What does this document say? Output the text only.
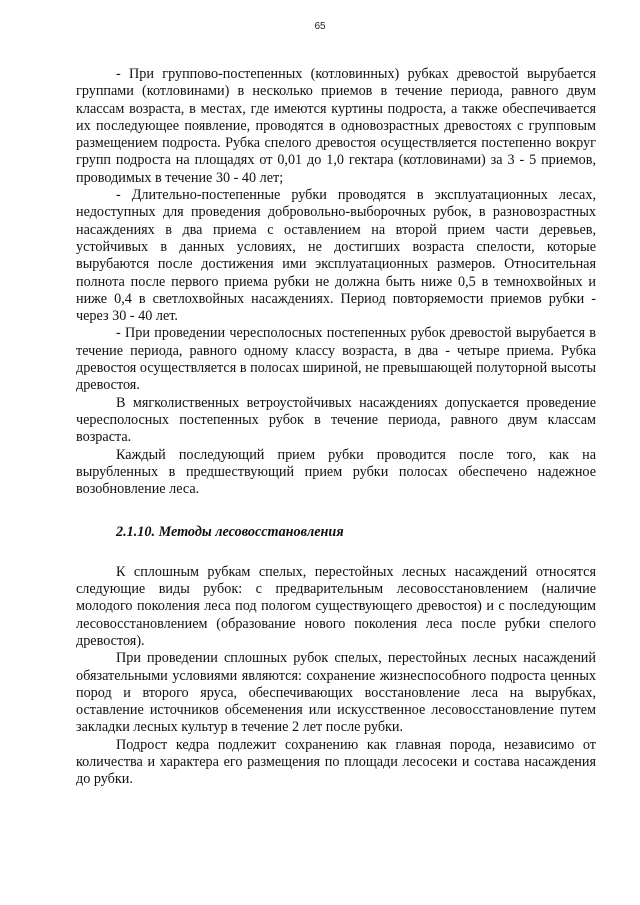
65

- При группово-постепенных (котловинных) рубках древостой вырубается группами (котловинами) в несколько приемов в течение периода, равного двум классам возраста, в местах, где имеются куртины подроста, а также обеспечивается их последующее появление, проводятся в одновозрастных древостоях с групповым размещением подроста. Рубка спелого древостоя осуществляется постепенно вокруг групп подроста на площадях от 0,01 до 1,0 гектара (котловинами) за 3 - 5 приемов, проводимых в течение 30 - 40 лет;

- Длительно-постепенные рубки проводятся в эксплуатационных лесах, недоступных для проведения добровольно-выборочных рубок, в разновозрастных насаждениях в два приема с оставлением на второй прием части деревьев, устойчивых в данных условиях, не достигших возраста спелости, которые вырубаются после достижения ими эксплуатационных размеров. Относительная полнота после первого приема рубки не должна быть ниже 0,5 в темнохвойных и ниже 0,4 в светлохвойных насаждениях. Период повторяемости приемов рубки - через 30 - 40 лет.

- При проведении чересполосных постепенных рубок древостой вырубается в течение периода, равного одному классу возраста, в два - четыре приема. Рубка древостоя осуществляется в полосах шириной, не превышающей полуторной высоты древостоя.

В мягколиственных ветроустойчивых насаждениях допускается проведение чересполосных постепенных рубок в течение периода, равного двум классам возраста.

Каждый последующий прием рубки проводится после того, как на вырубленных в предшествующий прием рубки полосах обеспечено надежное возобновление леса.

2.1.10. Методы лесовосстановления

К сплошным рубкам спелых, перестойных лесных насаждений относятся следующие виды рубок: с предварительным лесовосстановлением (наличие молодого поколения леса под пологом существующего древостоя) и с последующим лесовосстановлением (образование нового поколения леса после рубки спелого древостоя).

При проведении сплошных рубок спелых, перестойных лесных насаждений обязательными условиями являются: сохранение жизнеспособного подроста ценных пород и второго яруса, обеспечивающих восстановление леса на вырубках, оставление источников обсеменения или искусственное лесовосстановление путем закладки лесных культур в течение 2 лет после рубки.

Подрост кедра подлежит сохранению как главная порода, независимо от количества и характера его размещения по площади лесосеки и состава насаждения до рубки.
